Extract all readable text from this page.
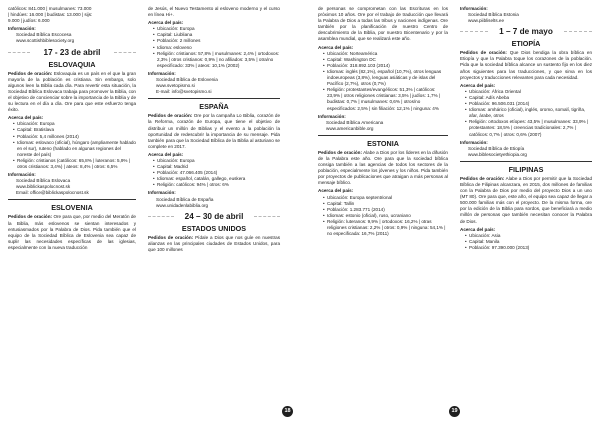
católicos: 841.000 | musulmanes: 73.000

| hindúes: 16.000 | budistas: 13.000 | sijs:

9.000 | judíos: 6.000

Información:

Sociedad Bíblica Escocesa
www.scottishbiblesociety.org
17 - 23 de abril
ESLOVAQUIA

Pedidos de oración: Eslovaquia es un país en el que la gran mayoría de la población es cristiana. Sin embargo, solo algunos leen la Biblia cada día. Para revertir esta situación, la Sociedad Bíblica Eslovaca trabaja para promover la Biblia, con el objetivo de concienciar sobre la importancia de la Biblia y de su lectura en el día a día. Ore para que este esfuerzo tenga éxito.

Acerca del país:

• Ubicación: Europa
• Capital: Bratislava
• Población: 5,4 millones (2014)
• Idiomas: eslovaco (oficial), húngaro (ampliamente hablado en el sur), ruteno (hablado en algunas regiones del noreste del país)
• Religión: cristianos (católicos: 65,8% | luteranos: 5,9% | otros cristianos: 3,4%) | ateos: 8,4% | otros: 6,5%

Información:

Sociedad Bíblica Eslovaca
www.biblickaspolocnost.sk
Email: office@biblickaspolocnost.sk
ESLOVENIA

Pedidos de oración: Ore para que, por medio del Meratón de la Biblia, más eslovenos se sientan interesados y entusiasmados por la Palabra de Dios. Pida también que el equipo de la Sociedad Bíblica de Eslovenia sea capaz de suplir las necesidades específicas de las iglesias, especialmente con la nueva traducción

de Jesús, el Nuevo Testamento al esloveno moderno y el curso en línea Hi+.

Acerca del país:

• Ubicación: Europa
• Capital: Liubliana
• Población: 2 millones
• Idioma: esloveno
• Religión: cristianos: 57,8% | musulmanes: 2,4% | ortodoxos: 2,3% | otros cristianos: 0,9% | no afiliados: 3,5% | otra/no especificado: 33% | ateos: 10,1% (2002)

Información:

Sociedad Bíblica de Eslovenia
www.svetopismo.si
E-mail: info@svetopismo.si
ESPAÑA

Pedidos de oración: Ore por la campaña Lo Biblia, corazón de la Reforma, corazón de Europa, que tiene el objetivo de distribuir un millón de Biblias y el evento a la población la oportunidad de redescubrir la importancia de su mensaje. Pida también para que la Sociedad Bíblica de la Biblia al asturiano se complete en 2017.

Acerca del país:

• Ubicación: Europa
• Capital: Madrid
• Población: 47.066.405 (2014)
• Idiomas: español, catalán, gallego, euskera
• Religión: católicos: 94% | otros: 6%

Información:

Sociedad Bíblica de España
www.unidadenlabiblia.org
24 – 30 de abril
ESTADOS UNIDOS

Pedidos de oración: Pídale a Dios que nos guíe en nuestras alianzas en las principales ciudades de Estados Unidos, para que 100 millones

de personas se comprometan con las Escrituras en los próximos 10 años. Ore por el trabajo de traducción que llevará la Palabra de Dios a todas las tribus y naciones indígenas. Ore también por la planificación de nuestro Centro de descubrimiento de la Biblia, por nuestro Bicentenario y por la asamblea mundial, que se realizará este año.

Acerca del país:

• Ubicación: Norteamérica
• Capital: Washington DC
• Población: 318.892.103 (2014)
• Idiomas: inglés (82,1%), español (10,7%), otros lenguas indoeuropeas (3,8%), lenguas asiáticas y de islas del Pacífico (2,7%), otros (0,7%)
• Religión: protestantes/evangélicos: 51,3% | católicos: 23,9% | otros religiones cristianas: 3,5% | judíos: 1,7% | budistas: 0,7% | musulmanes: 0,6% | otros/no especificados: 2,5% | sin filiación: 12,1% | ninguna: 4%

Información:

Sociedad Bíblica Americana
www.americanbible.org
ESTONIA

Pedidos de oración: Alabe a Dios por los líderes en la difusión de la Palabra este año. Ore para que la sociedad bíblica consiga también a las agencias de todos los sectores de la población, especialmente los jóvenes y los niños. Pida también por proyectos de publicaciones que atraigan a más personas al mensaje bíblico.

Acerca del país:

• Ubicación: Europa septentrional
• Capital: Tallin
• Población: 1.283.771 (2014)
• Idiomas: estonio (oficial), ruso, ucraniano
• Religión: luteranos: 9,9% | ortodoxos: 16,2% | otras religiones cristianas: 2,2% | otros: 0,9% | ninguna: 54,1% | no especificada: 16,7% (2011)

Información:

Sociedad Bíblica Estonia
www.piibliselts.ee
1 – 7 de mayo
ETIOPÍA

Pedidos de oración: Que Dios bendiga la obra bíblica en Etiopía y que la Palabra toque los corazones de la población. Pida que la sociedad bíblica alcance un sustento fijo en los diez años siguientes para las traducciones, y que sirva en los proyectos y traducciones relevantes para cada necesidad.

Acerca del país:

• Ubicación: África Oriental
• Capital: Adís Abeba
• Población: 96.506.031 (2014)
• Idiomas: amhárico (oficial), inglés, oromo, somalí, tigriña, afar, árabe, otros
• Religión: ortodoxos etíopes: 43,5% | musulmanes: 33,9% | protestantes: 18,5% | creencias tradicionales: 2,7% | católicos: 0,7% | otros: 0,6% (2007)

Información:

Sociedad Bíblica de Etiopía
www.biblesocietyethiopia.org
FILIPINAS

Pedidos de oración: Alabe a Dios por permitir que la Sociedad Bíblica de Filipinas alcanzara, en 2015, dos millones de familias con la Palabra de Dios por medio del proyecto Dios a un uno (MT 80). Ore para que, este año, el equipo sea capaz de llegar a 500.000 familias más con el proyecto. De la misma forma, ore por la edición de la Biblia para sordos, que beneficiará a medio millón de personas que también necesitan conocer la Palabra de Dios.

Acerca del país:

• Ubicación: Asia
• Capital: Manila
• Población: 97.390.000 (2013)
18	19
